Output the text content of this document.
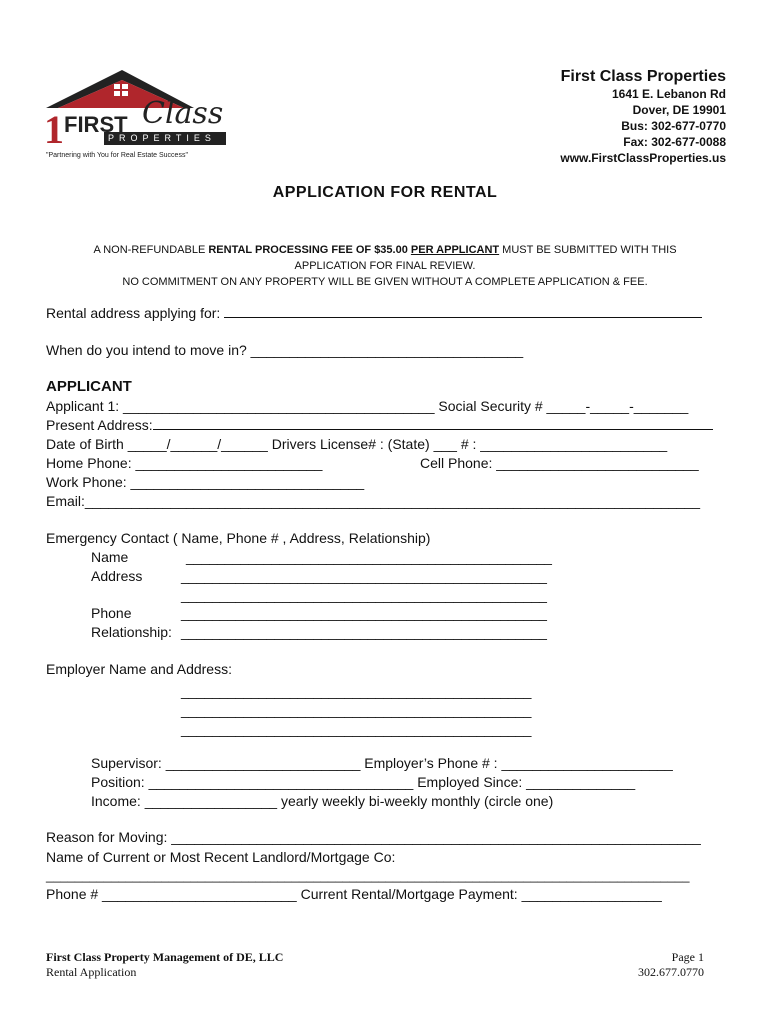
1 FIRST Class
PROPERTIES
"Partnering with You for Real Estate Success"
First Class Properties
1641 E. Lebanon Rd
Dover, DE 19901
Bus: 302-677-0770
Fax: 302-677-0088
www.FirstClassProperties.us
APPLICATION FOR RENTAL
A NON-REFUNDABLE RENTAL PROCESSING FEE OF $35.00 PER APPLICANT MUST BE SUBMITTED WITH THIS
APPLICATION FOR FINAL REVIEW.
NO COMMITMENT ON ANY PROPERTY WILL BE GIVEN WITHOUT A COMPLETE APPLICATION & FEE.
Rental address applying for:
When do you intend to move in? ___________________________________
APPLICANT
Applicant 1: ________________________________________ Social Security # _____-_____-_______
Present Address:
Date of Birth _____/______/______ Drivers License# : (State) ___ # : ________________________
Home Phone: ________________________	Cell Phone: __________________________
Work Phone: ______________________________
Email:_______________________________________________________________________________
Emergency Contact ( Name, Phone # , Address, Relationship)
Name	_______________________________________________
Address	_______________________________________________
_______________________________________________
Phone	_______________________________________________
Relationship: _______________________________________________
Employer Name and Address:
_____________________________________________
_____________________________________________
_____________________________________________
Supervisor: _________________________ Employer’s Phone # : ______________________
Position: __________________________________ Employed Since: ______________
Income: _________________ yearly weekly bi-weekly monthly (circle one)
Reason for Moving: ____________________________________________________________________
Name of Current or Most Recent Landlord/Mortgage Co:
_________________________________________________________________________________________
Phone # _________________________ Current Rental/Mortgage Payment: __________________
First Class Property Management of DE, LLC
Rental Application
Page 1
302.677.0770
